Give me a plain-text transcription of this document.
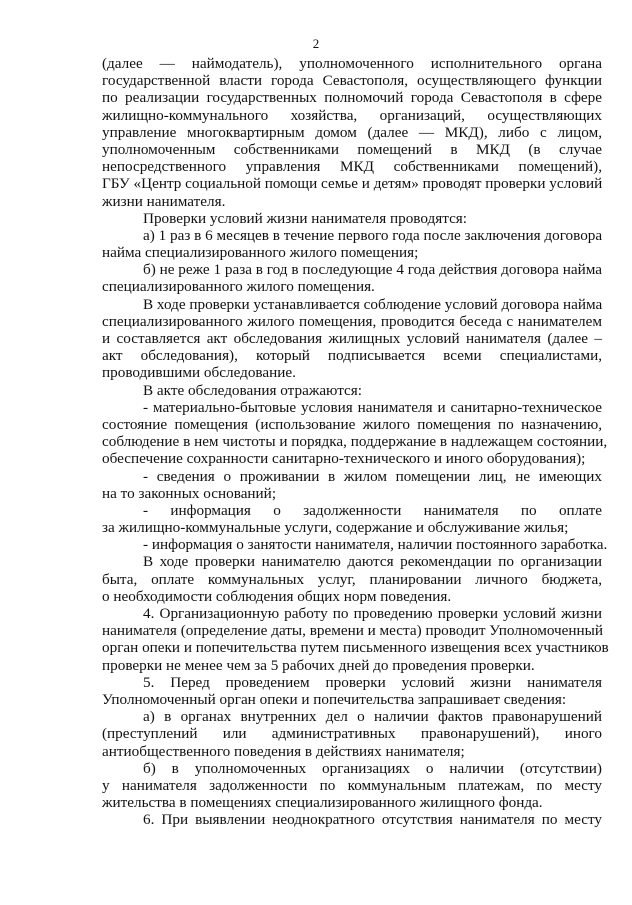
2
(далее — наймодатель), уполномоченного исполнительного органа
государственной власти города Севастополя, осуществляющего функции
по реализации государственных полномочий города Севастополя в сфере
жилищно-коммунального хозяйства, организаций, осуществляющих
управление многоквартирным домом (далее — МКД), либо с лицом,
уполномоченным собственниками помещений в МКД (в случае
непосредственного управления МКД собственниками помещений),
ГБУ «Центр социальной помощи семье и детям» проводят проверки условий
жизни нанимателя.
Проверки условий жизни нанимателя проводятся:
а) 1 раз в 6 месяцев в течение первого года после заключения договора
найма специализированного жилого помещения;
б) не реже 1 раза в год в последующие 4 года действия договора найма
специализированного жилого помещения.
В ходе проверки устанавливается соблюдение условий договора найма
специализированного жилого помещения, проводится беседа с нанимателем
и составляется акт обследования жилищных условий нанимателя (далее –
акт обследования), который подписывается всеми специалистами,
проводившими обследование.
В акте обследования отражаются:
- материально-бытовые условия нанимателя и санитарно-техническое
состояние помещения (использование жилого помещения по назначению,
соблюдение в нем чистоты и порядка, поддержание в надлежащем состоянии,
обеспечение сохранности санитарно-технического и иного оборудования);
- сведения о проживании в жилом помещении лиц, не имеющих
на то законных оснований;
- информация о задолженности нанимателя по оплате
за жилищно-коммунальные услуги, содержание и обслуживание жилья;
- информация о занятости нанимателя, наличии постоянного заработка.
В ходе проверки нанимателю даются рекомендации по организации
быта, оплате коммунальных услуг, планировании личного бюджета,
о необходимости соблюдения общих норм поведения.
4. Организационную работу по проведению проверки условий жизни
нанимателя (определение даты, времени и места) проводит Уполномоченный
орган опеки и попечительства путем письменного извещения всех участников
проверки не менее чем за 5 рабочих дней до проведения проверки.
5. Перед проведением проверки условий жизни нанимателя
Уполномоченный орган опеки и попечительства запрашивает сведения:
а) в органах внутренних дел о наличии фактов правонарушений
(преступлений или административных правонарушений), иного
антиобщественного поведения в действиях нанимателя;
б) в уполномоченных организациях о наличии (отсутствии)
у нанимателя задолженности по коммунальным платежам, по месту
жительства в помещениях специализированного жилищного фонда.
6. При выявлении неоднократного отсутствия нанимателя по месту
